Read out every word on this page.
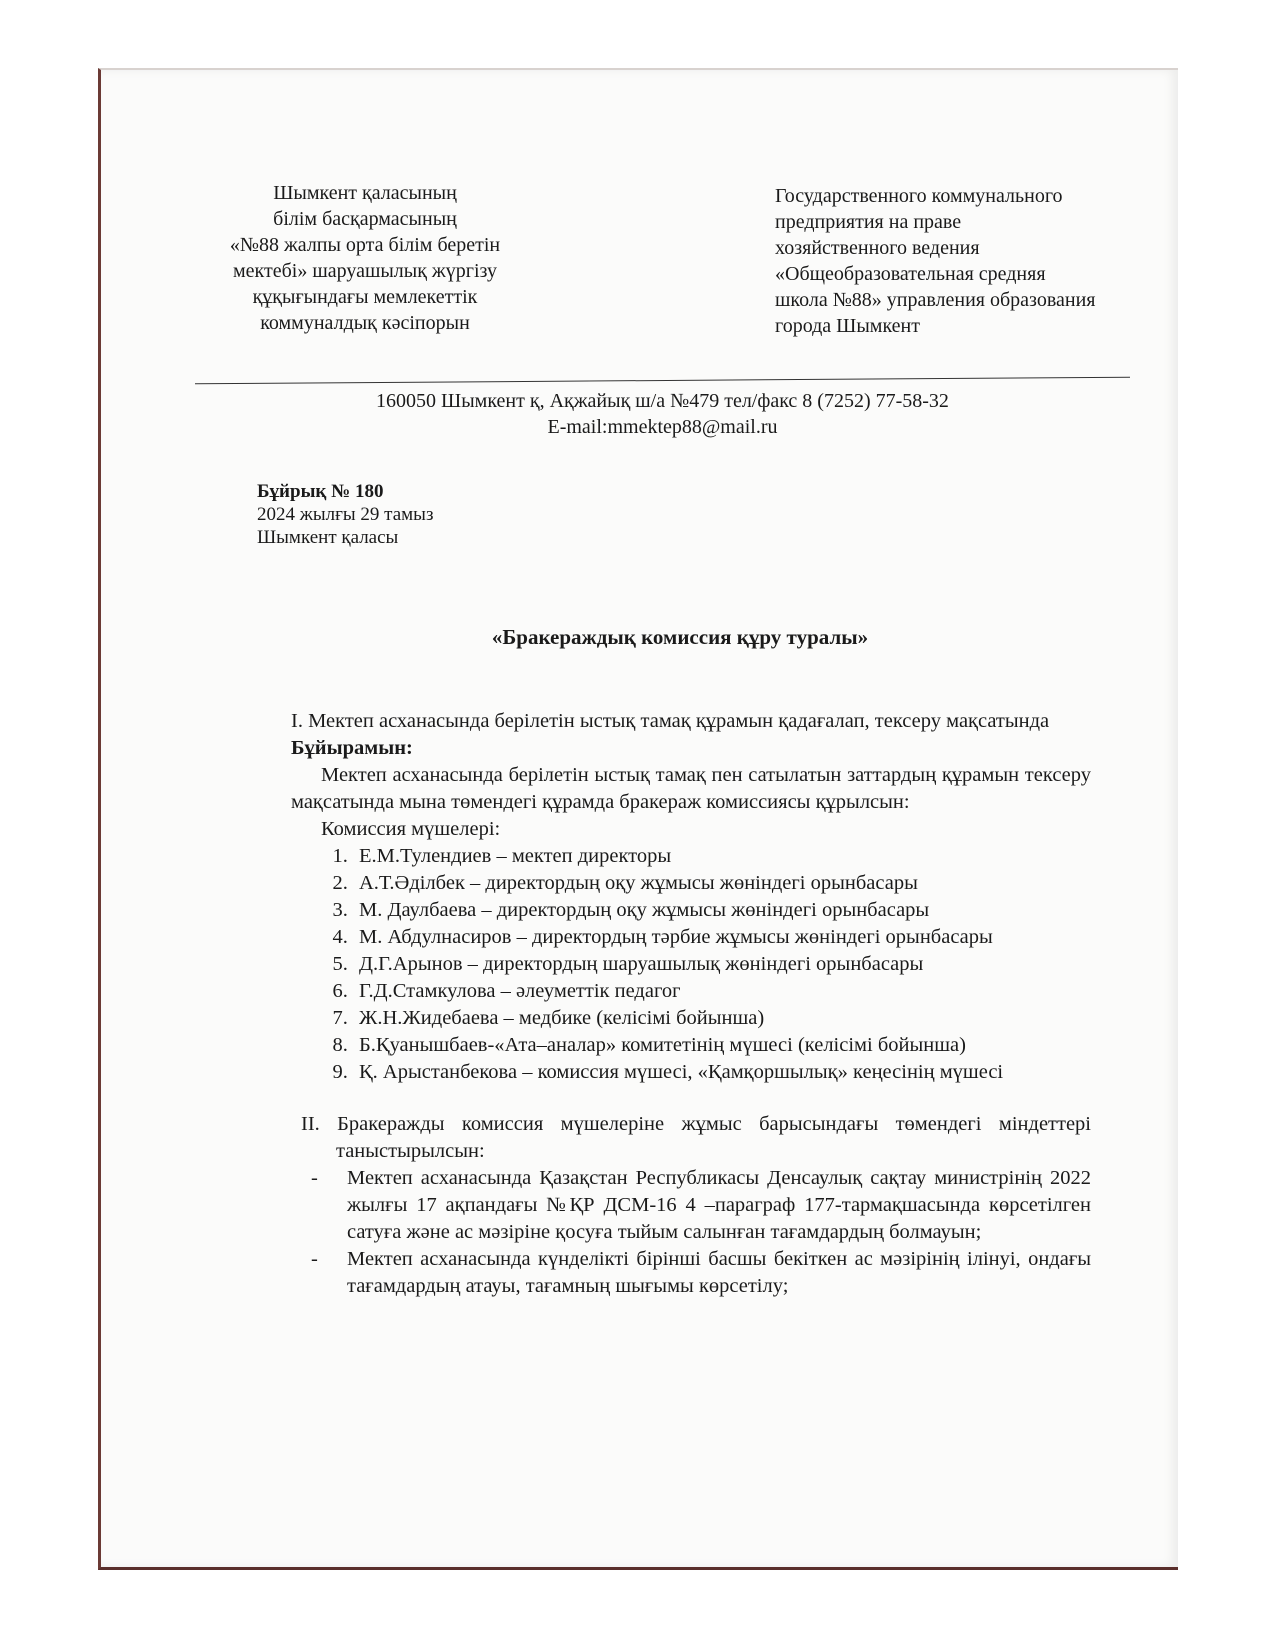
Шымкент қаласының
білім басқармасының
«№88 жалпы орта білім беретін
мектебі» шаруашылық жүргізу
құқығындағы мемлекеттік
коммуналдық кәсіпорын
Государственного коммунального
предприятия на праве
хозяйственного ведения
«Общеобразовательная средняя
школа №88» управления образования
города Шымкент
160050 Шымкент қ, Ақжайық ш/а №479 тел/факс 8 (7252) 77-58-32
E-mail:mmektep88@mail.ru
Бұйрық № 180
2024 жылғы 29 тамыз
Шымкент қаласы
«Бракераждық комиссия құру туралы»
I. Мектеп асханасында берілетін ыстық тамақ құрамын қадағалап, тексеру мақсатында
Бұйырамын:
Мектеп асханасында берілетін ыстық тамақ пен сатылатын заттардың құрамын тексеру мақсатында мына төмендегі құрамда бракераж комиссиясы құрылсын:
Комиссия мүшелері:
1. Е.М.Тулендиев – мектеп директоры
2. А.Т.Әділбек – директордың оқу жұмысы жөніндегі орынбасары
3. М. Даулбаева – директордың оқу жұмысы жөніндегі орынбасары
4. М. Абдулнасиров – директордың тәрбие жұмысы жөніндегі орынбасары
5. Д.Г.Арынов – директордың шаруашылық жөніндегі орынбасары
6. Г.Д.Стамкулова – әлеуметтік педагог
7. Ж.Н.Жидебаева – медбике (келісімі бойынша)
8. Б.Қуанышбаев-«Ата–аналар» комитетінің мүшесі (келісімі бойынша)
9. Қ. Арыстанбекова – комиссия мүшесі, «Қамқоршылық» кеңесінің мүшесі
II. Бракеражды комиссия мүшелеріне жұмыс барысындағы төмендегі міндеттері таныстырылсын:
- Мектеп асханасында Қазақстан Республикасы Денсаулық сақтау министрінің 2022 жылғы 17 ақпандағы №ҚР ДСМ-16 4 –параграф 177-тармақшасында көрсетілген сатуға және ас мәзіріне қосуға тыйым салынған тағамдардың болмауын;
- Мектеп асханасында күнделікті бірінші басшы бекіткен ас мәзірінің ілінуі, ондағы тағамдардың атауы, тағамның шығымы көрсетілу;
